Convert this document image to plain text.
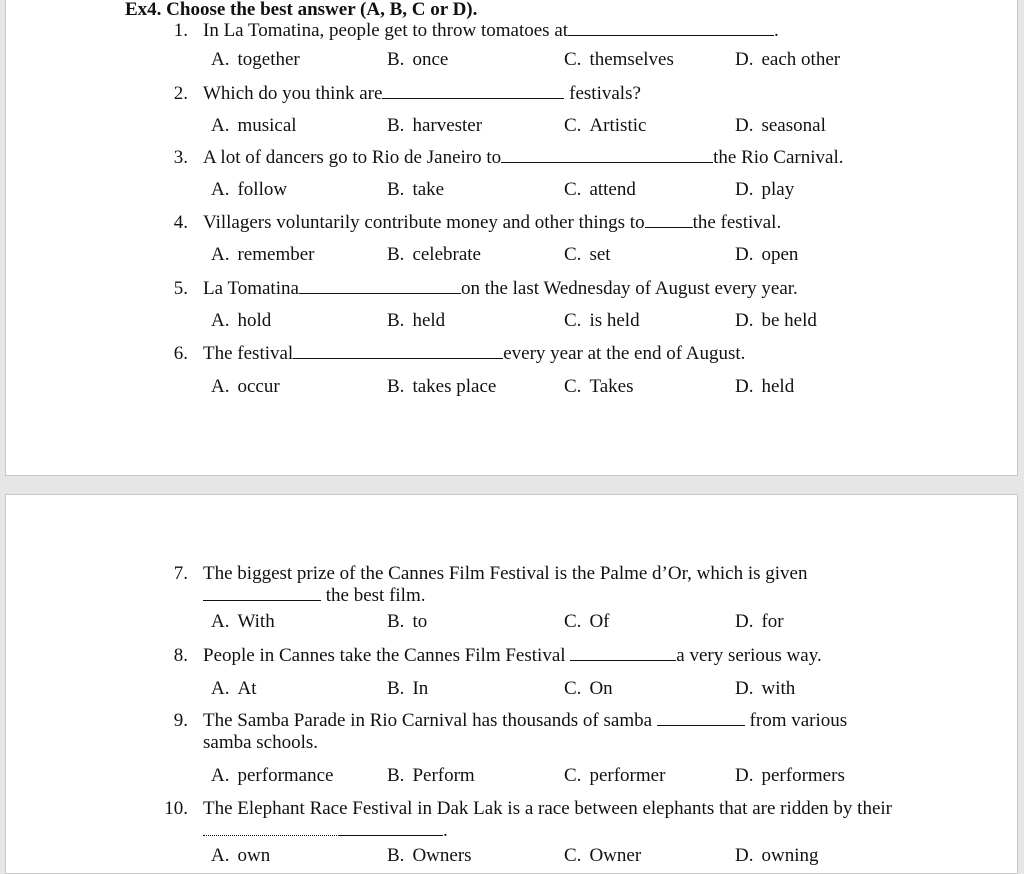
Ex4. Choose the best answer (A, B, C or D).
1. In La Tomatina, people get to throw tomatoes at	.
A. together	B. once	C. themselves	D. each other
2. Which do you think are	festivals?
A. musical	B. harvester	C. Artistic	D. seasonal
3. A lot of dancers go to Rio de Janeiro to	the Rio Carnival.
A. follow	B. take	C. attend	D. play
4. Villagers voluntarily contribute money and other things to	the festival.
A. remember	B. celebrate	C. set	D. open
5. La Tomatina	on the last Wednesday of August every year.
A. hold	B. held	C. is held	D. be held
6. The festival	every year at the end of August.
A. occur	B. takes place	C. Takes	D. held
7. The biggest prize of the Cannes Film Festival is the Palme d’Or, which is given
the best film.
A. With	B. to	C. Of	D. for
8. People in Cannes take the Cannes Film Festival	a very serious way.
A. At	B. In	C. On	D. with
9. The Samba Parade in Rio Carnival has thousands of samba	from various samba schools.
A. performance	B. Perform	C. performer	D. performers
10. The Elephant Race Festival in Dak Lak is a race between elephants that are ridden by their.
A. own	B. Owners	C. Owner	D. owning
